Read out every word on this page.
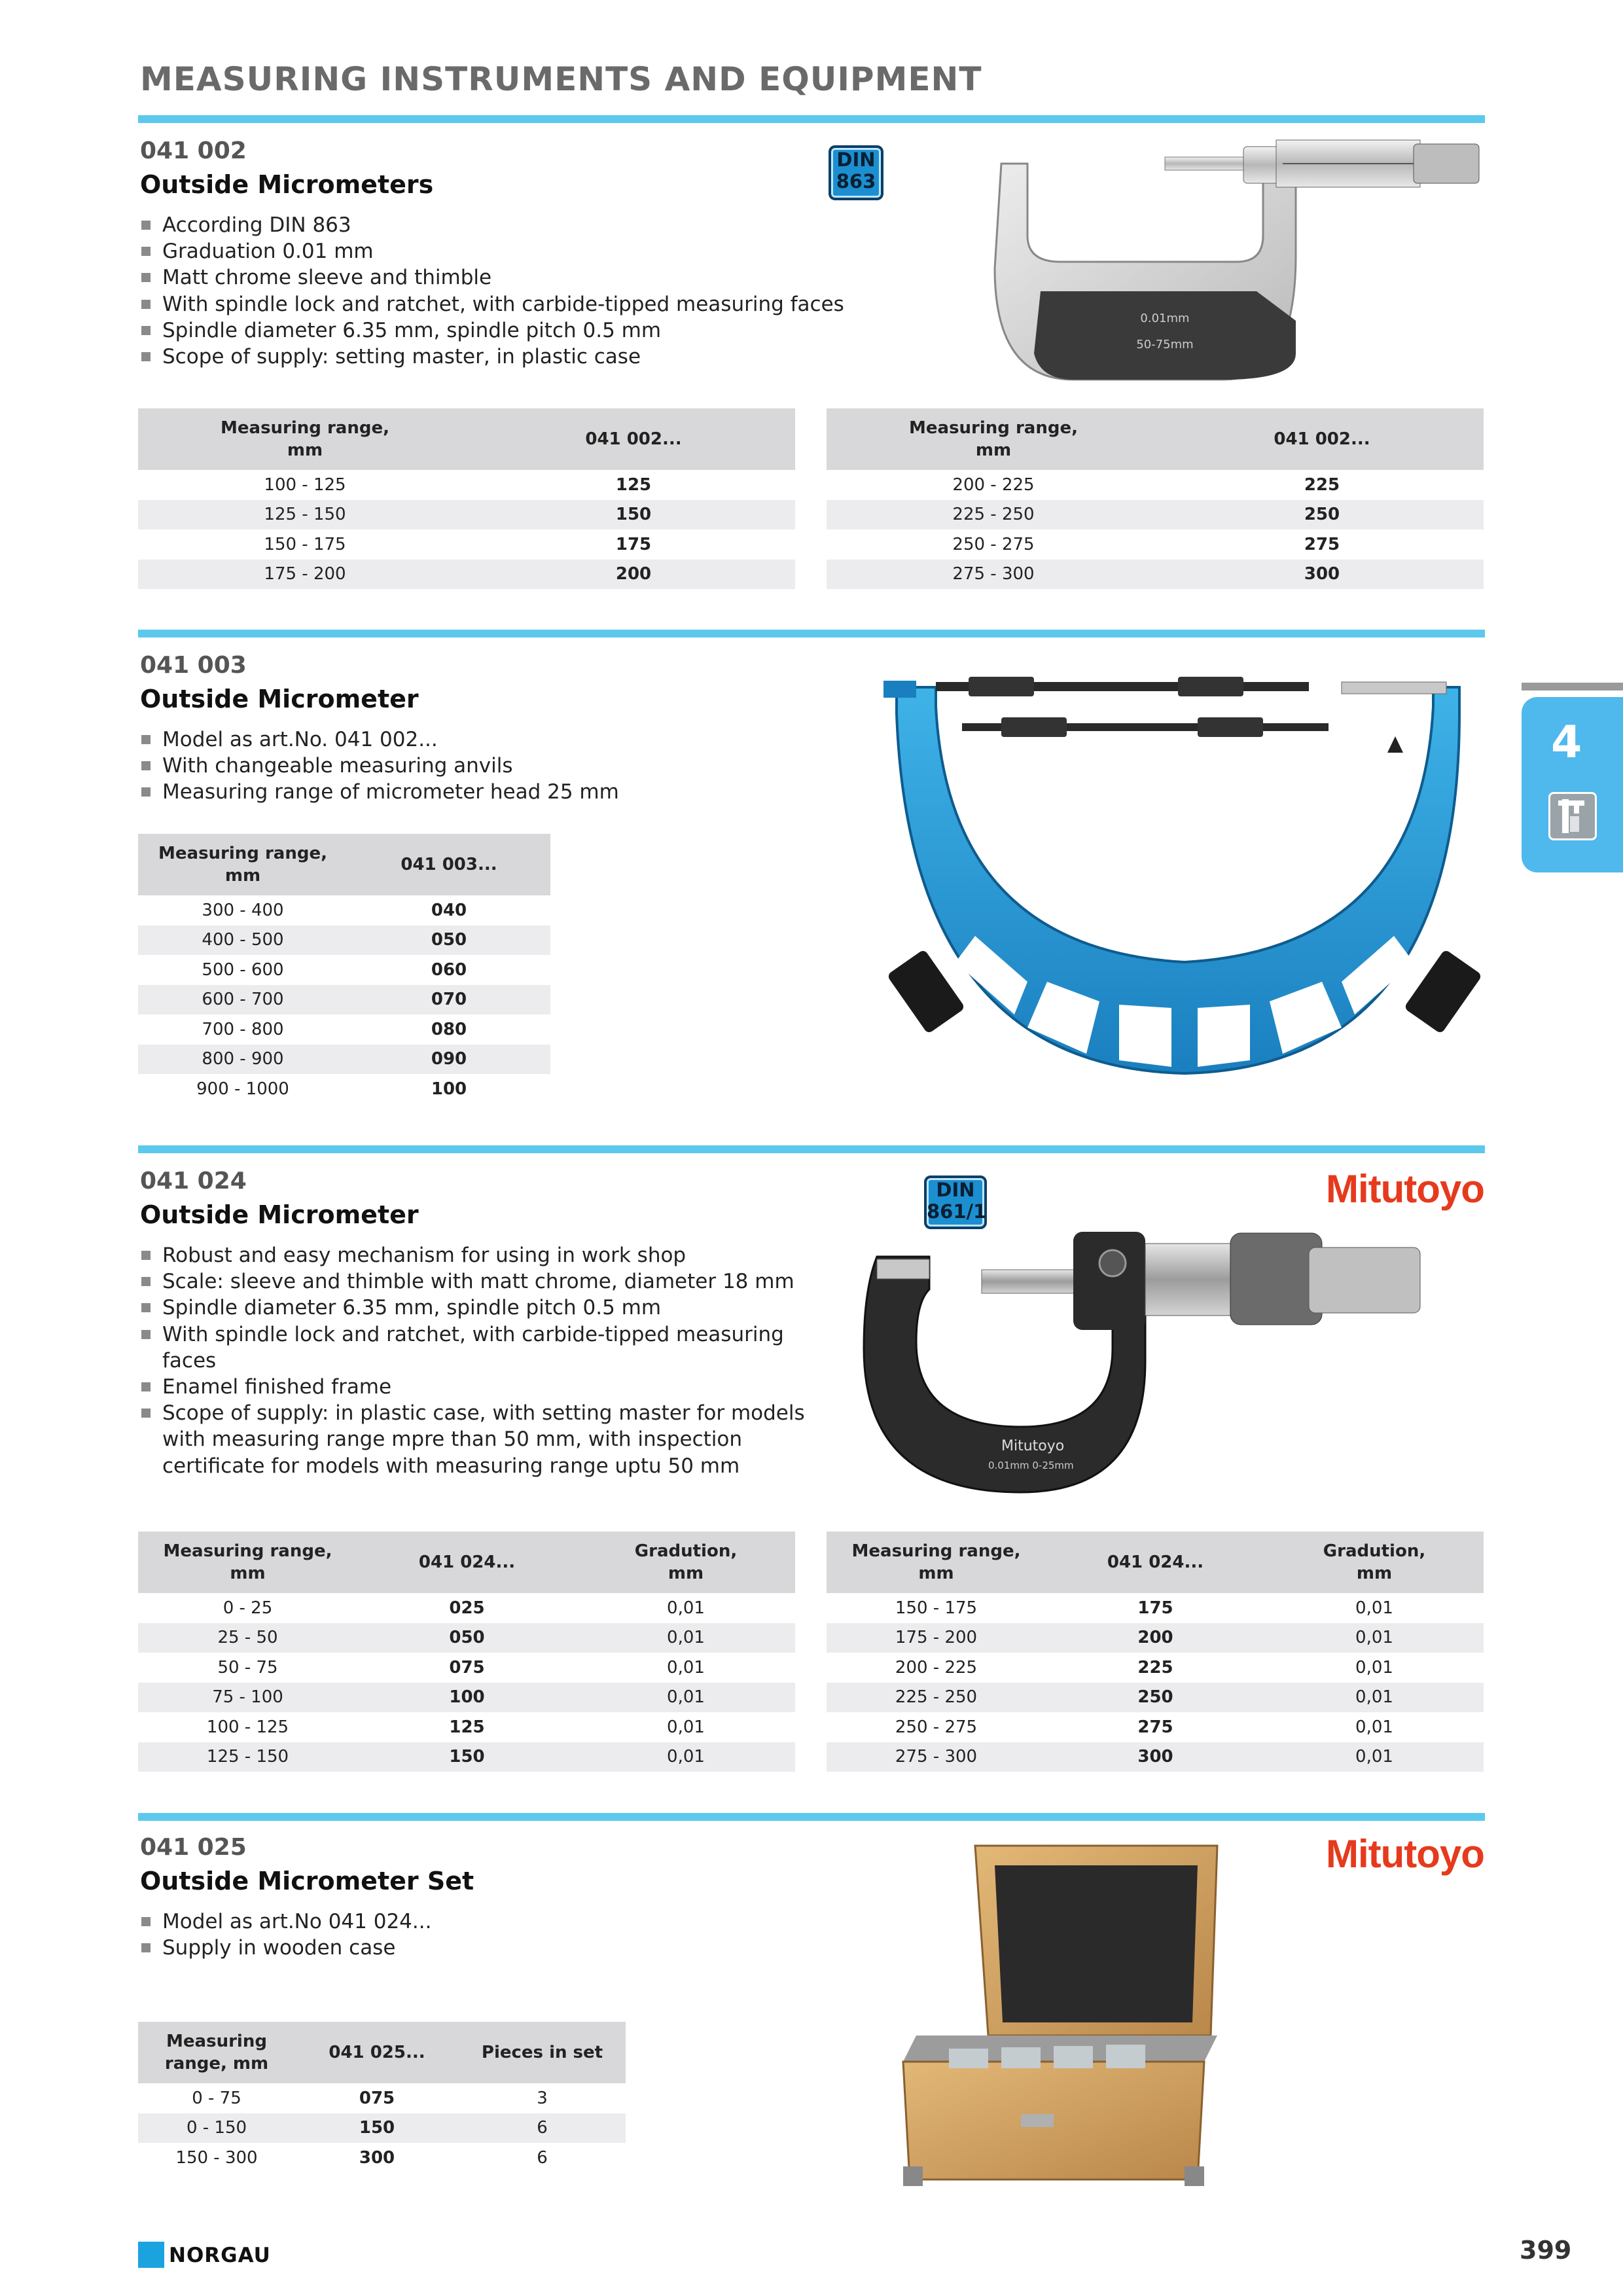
MEASURING INSTRUMENTS AND EQUIPMENT
4
041 002
Outside Micrometers
According DIN 863
Graduation 0.01 mm
Matt chrome sleeve and thimble
With spindle lock and ratchet, with carbide-tipped measuring faces
Spindle diameter 6.35 mm, spindle pitch 0.5 mm
Scope of supply: setting master, in plastic case
DIN
863
0.01mm
50-75mm
Measuring range,
mm	041 002...

100 - 125	125
125 - 150	150
150 - 175	175
175 - 200	200
Measuring range,
mm	041 002...

200 - 225	225
225 - 250	250
250 - 275	275
275 - 300	300
041 003
Outside Micrometer
Model as art.No. 041 002...
With changeable measuring anvils
Measuring range of micrometer head 25 mm
Measuring range,
mm	041 003...

300 - 400	040
400 - 500	050
500 - 600	060
600 - 700	070
700 - 800	080
800 - 900	090
900 - 1000	100
041 024
Outside Micrometer
Robust and easy mechanism for using in work shop
Scale: sleeve and thimble with matt chrome, diameter 18 mm
Spindle diameter 6.35 mm, spindle pitch 0.5 mm
With spindle lock and ratchet, with carbide-tipped measuring faces
Enamel finished frame
Scope of supply: in plastic case, with setting master for models with measuring range mpre than 50 mm, with inspection certificate for models with measuring range uptu 50 mm
DIN
861/1
Mitutoyo
Mitutoyo
0.01mm 0-25mm
Measuring range,
mm	041 024...	Gradution,
mm

0 - 25	025	0,01
25 - 50	050	0,01
50 - 75	075	0,01
75 - 100	100	0,01
100 - 125	125	0,01
125 - 150	150	0,01
Measuring range,
mm	041 024...	Gradution,
mm

150 - 175	175	0,01
175 - 200	200	0,01
200 - 225	225	0,01
225 - 250	250	0,01
250 - 275	275	0,01
275 - 300	300	0,01
041 025
Outside Micrometer Set
Model as art.No 041 024...
Supply in wooden case
Mitutoyo
Measuring
range, mm	041 025...	Pieces in set

0 - 75	075	3
0 - 150	150	6
150 - 300	300	6
NORGAU	399
